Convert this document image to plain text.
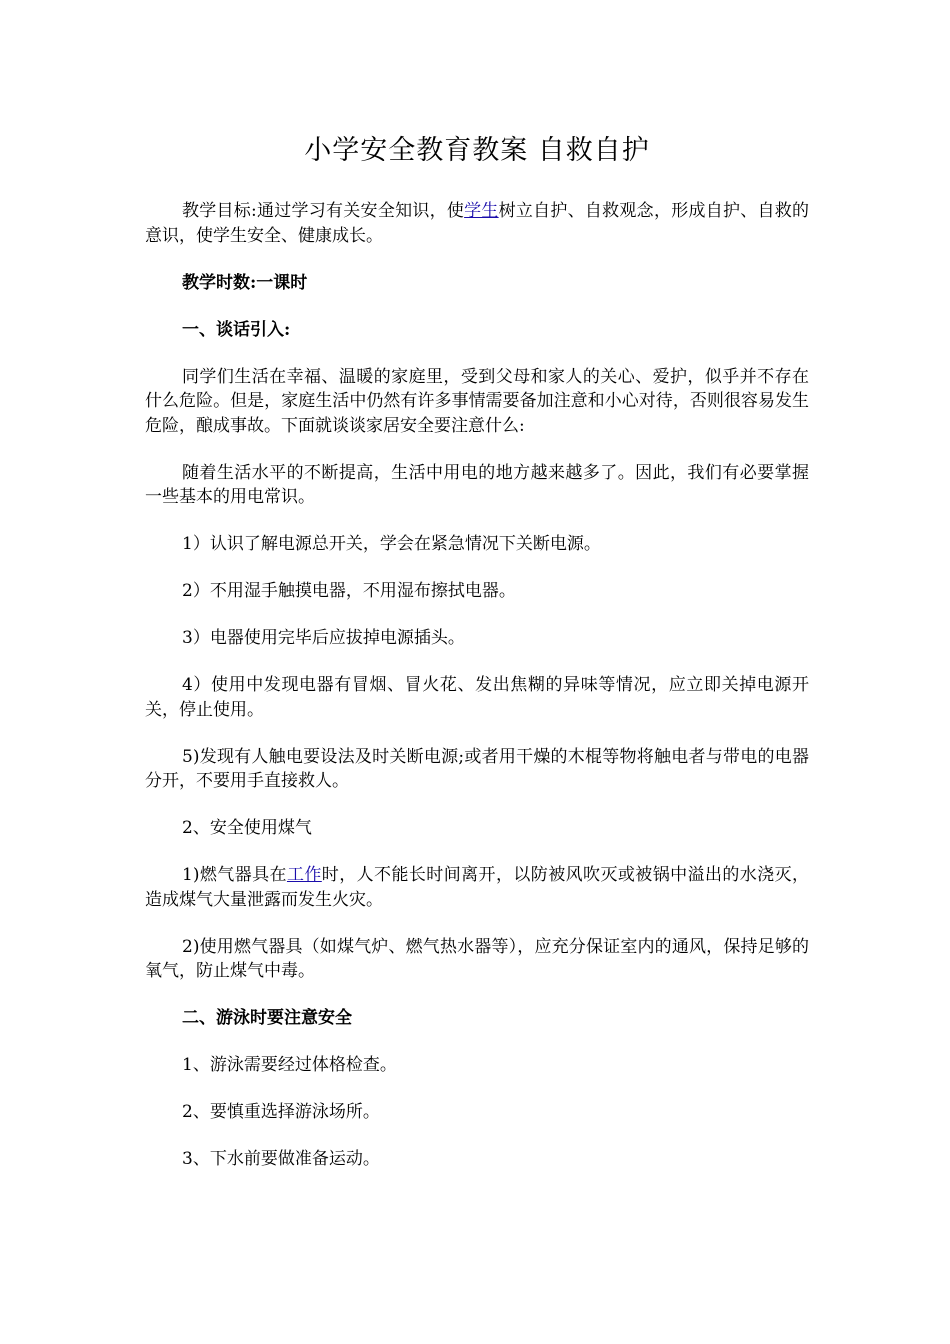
小学安全教育教案 自救自护

教学目标:通过学习有关安全知识，使学生树立自护、自救观念，形成自护、自救的意识，使学生安全、健康成长。

教学时数:一课时

一、谈话引入:

同学们生活在幸福、温暖的家庭里，受到父母和家人的关心、爱护，似乎并不存在什么危险。但是，家庭生活中仍然有许多事情需要备加注意和小心对待，否则很容易发生危险，酿成事故。下面就谈谈家居安全要注意什么:

随着生活水平的不断提高，生活中用电的地方越来越多了。因此，我们有必要掌握一些基本的用电常识。

1）认识了解电源总开关，学会在紧急情况下关断电源。

2）不用湿手触摸电器，不用湿布擦拭电器。

3）电器使用完毕后应拔掉电源插头。

4）使用中发现电器有冒烟、冒火花、发出焦糊的异味等情况，应立即关掉电源开关，停止使用。

5)发现有人触电要设法及时关断电源;或者用干燥的木棍等物将触电者与带电的电器分开，不要用手直接救人。

2、安全使用煤气

1)燃气器具在工作时，人不能长时间离开，以防被风吹灭或被锅中溢出的水浇灭，造成煤气大量泄露而发生火灾。

2)使用燃气器具（如煤气炉、燃气热水器等），应充分保证室内的通风，保持足够的氧气，防止煤气中毒。

二、游泳时要注意安全

1、游泳需要经过体格检查。

2、要慎重选择游泳场所。

3、下水前要做准备运动。
